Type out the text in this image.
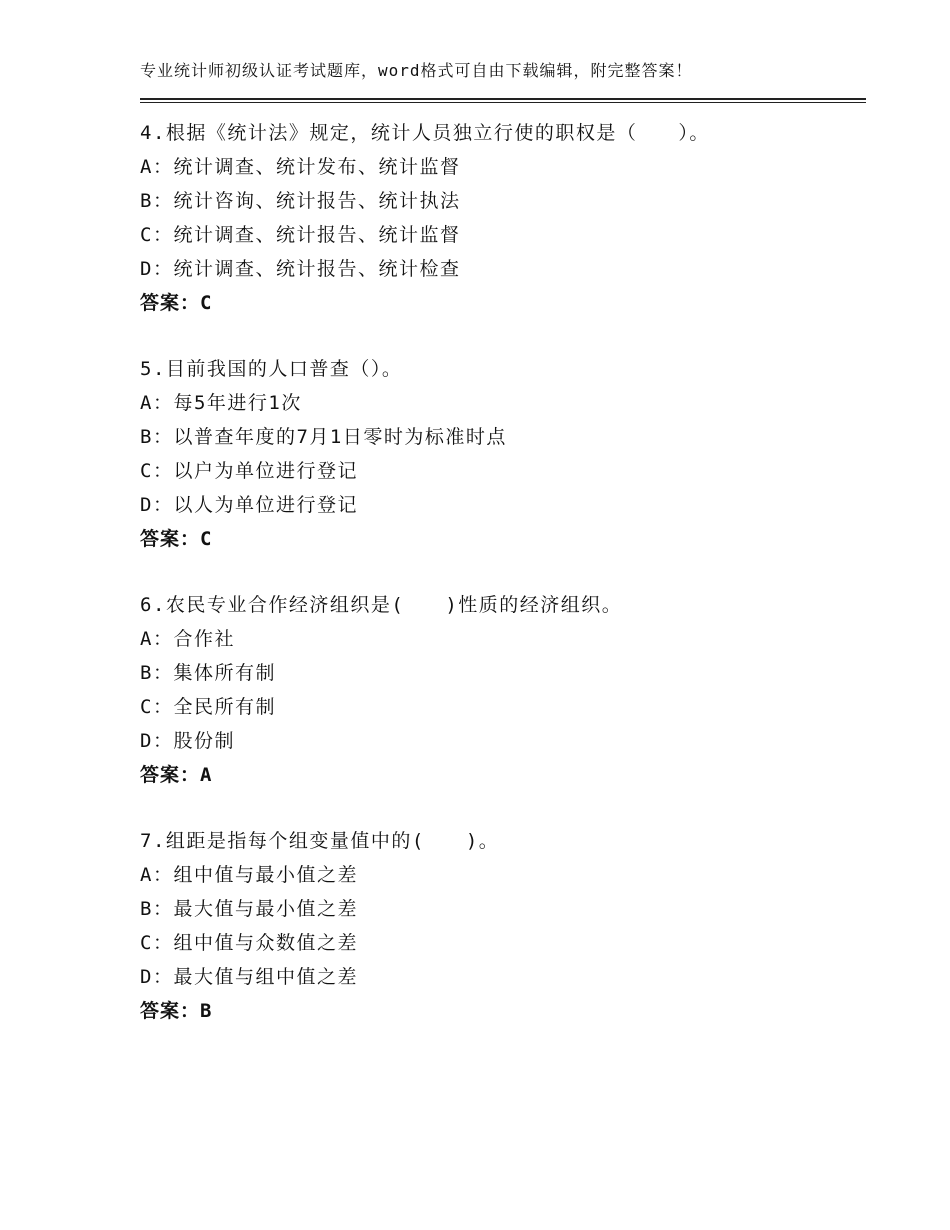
专业统计师初级认证考试题库，word格式可自由下载编辑，附完整答案！
4.根据《统计法》规定，统计人员独立行使的职权是（　　）。
A：统计调查、统计发布、统计监督
B：统计咨询、统计报告、统计执法
C：统计调查、统计报告、统计监督
D：统计调查、统计报告、统计检查
答案：C
5.目前我国的人口普查（）。
A：每5年进行1次
B：以普查年度的7月1日零时为标准时点
C：以户为单位进行登记
D：以人为单位进行登记
答案：C
6.农民专业合作经济组织是(　　)性质的经济组织。
A：合作社
B：集体所有制
C：全民所有制
D：股份制
答案：A
7.组距是指每个组变量值中的(　　)。
A：组中值与最小值之差
B：最大值与最小值之差
C：组中值与众数值之差
D：最大值与组中值之差
答案：B
